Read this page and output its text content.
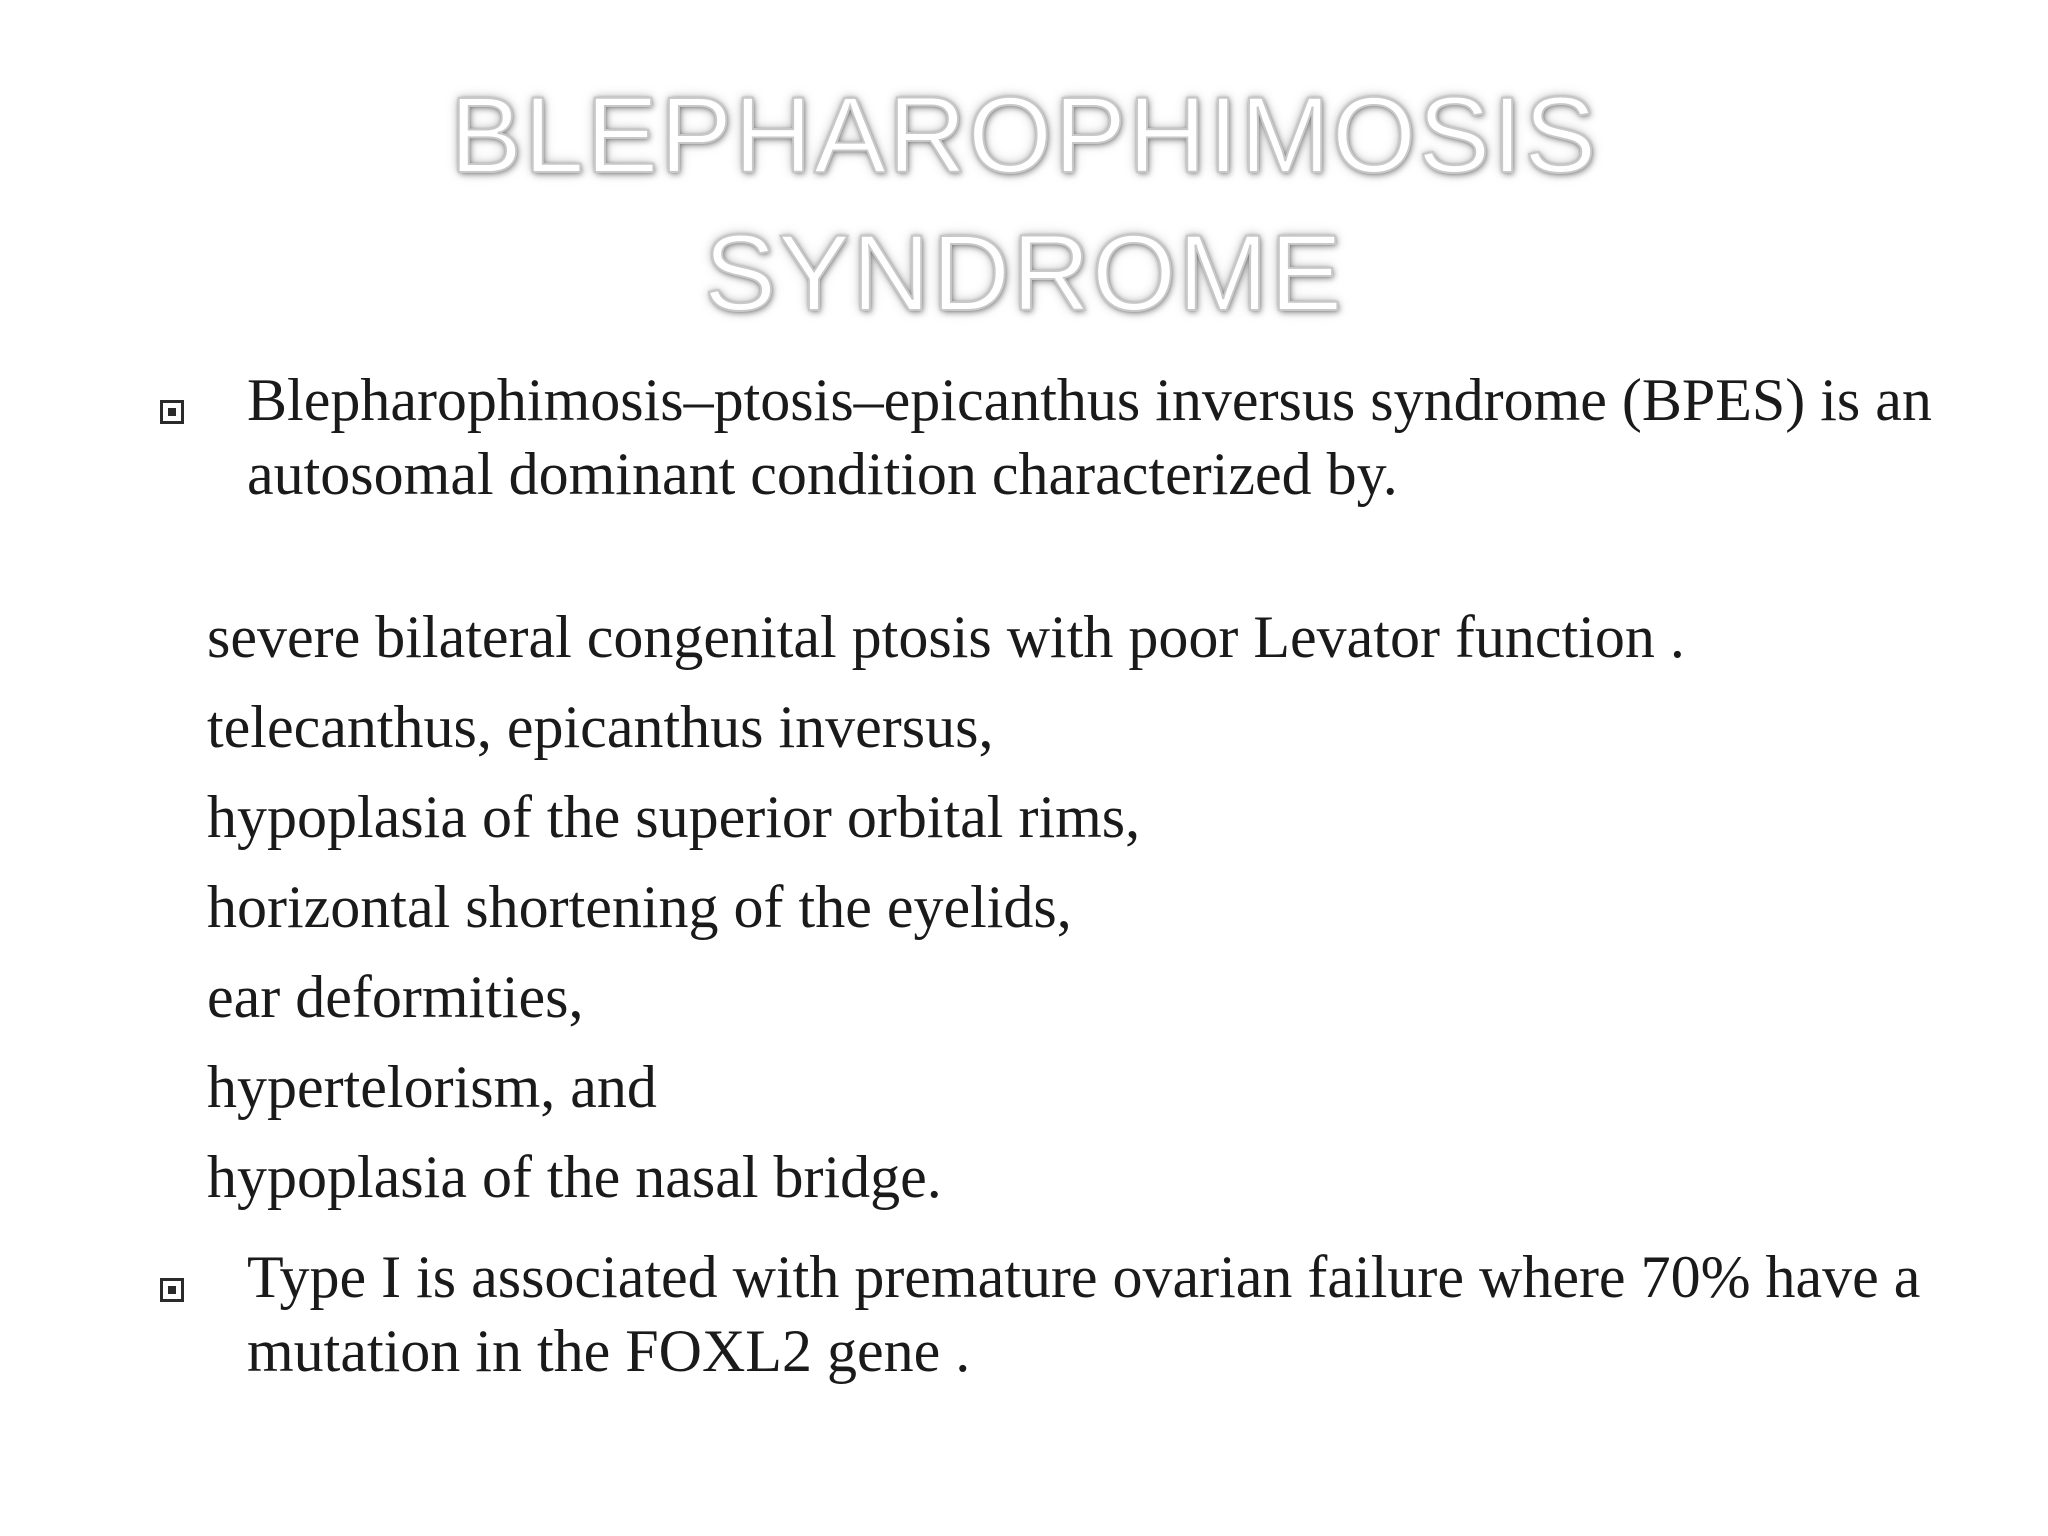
BLEPHAROPHIMOSIS
SYNDROME
Blepharophimosis–ptosis–epicanthus inversus syndrome (BPES) is an autosomal dominant condition characterized by.
severe bilateral congenital ptosis with poor Levator function .
telecanthus, epicanthus inversus,
hypoplasia of the superior orbital rims,
horizontal shortening of the eyelids,
ear deformities,
hypertelorism, and
hypoplasia of the nasal bridge.
Type I is associated with premature ovarian failure where 70% have a mutation in the FOXL2 gene .
